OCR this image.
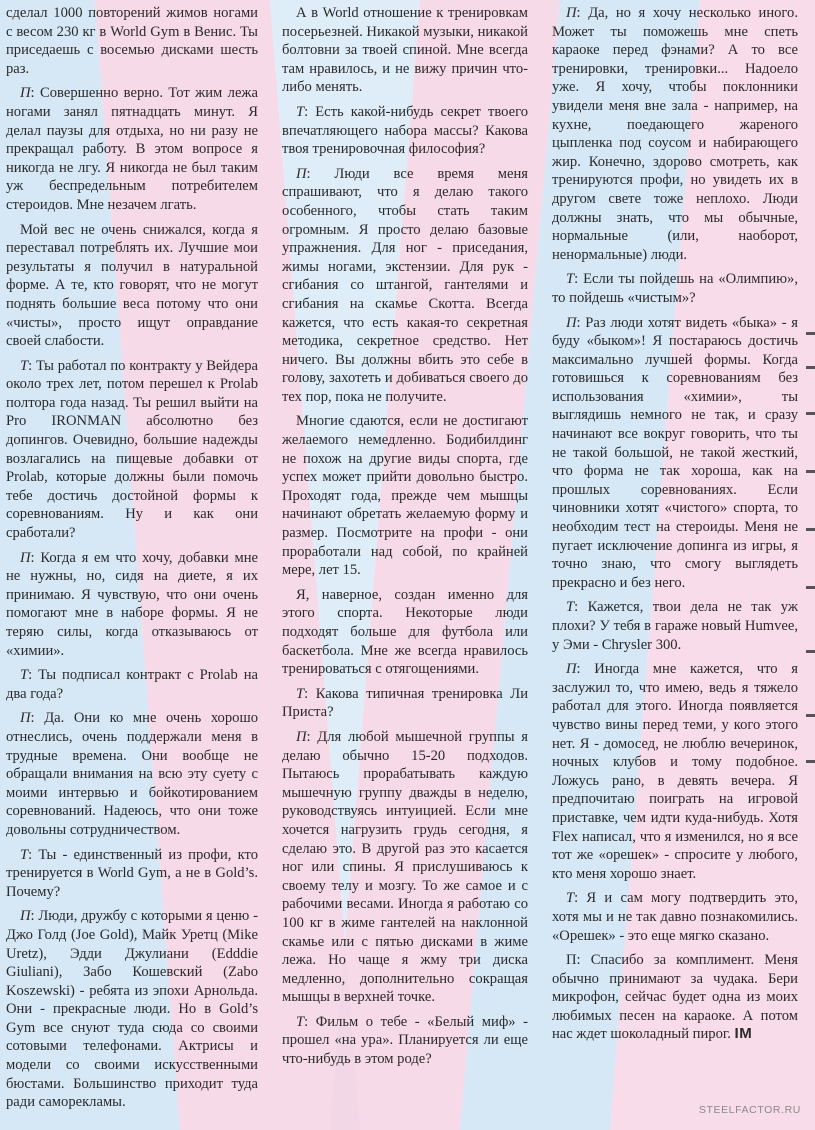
сделал 1000 повторений жимов ногами с весом 230 кг в World Gym в Венис. Ты приседаешь с восемью дисками шесть раз.

П: Совершенно верно. Тот жим лежа ногами занял пятнадцать минут. Я делал паузы для отдыха, но ни разу не прекращал работу. В этом вопросе я никогда не лгу. Я никогда не был таким уж беспредельным потребителем стероидов. Мне незачем лгать.

Мой вес не очень снижался, когда я переставал потреблять их. Лучшие мои результаты я получил в натуральной форме. А те, кто говорят, что не могут поднять большие веса потому что они «чисты», просто ищут оправдание своей слабости.

Т: Ты работал по контракту у Вейдера около трех лет, потом перешел к Prolab полтора года назад. Ты решил выйти на Pro IRONMAN абсолютно без допингов. Очевидно, большие надежды возлагались на пищевые добавки от Prolab, которые должны были помочь тебе достичь достойной формы к соревнованиям. Ну и как они сработали?

П: Когда я ем что хочу, добавки мне не нужны, но, сидя на диете, я их принимаю. Я чувствую, что они очень помогают мне в наборе формы. Я не теряю силы, когда отказываюсь от «химии».

Т: Ты подписал контракт с Prolab на два года?

П: Да. Они ко мне очень хорошо отнеслись, очень поддержали меня в трудные времена. Они вообще не обращали внимания на всю эту суету с моими интервью и бойкотированием соревнований. Надеюсь, что они тоже довольны сотрудничеством.

Т: Ты - единственный из профи, кто тренируется в World Gym, а не в Gold’s. Почему?

П: Люди, дружбу с которыми я ценю - Джо Голд (Joe Gold), Майк Уретц (Mike Uretz), Эдди Джулиани (Edddie Giuliani), Забо Кошевский (Zabo Koszewski) - ребята из эпохи Арнольда. Они - прекрасные люди. Но в Gold’s Gym все снуют туда сюда со своими сотовыми телефонами. Актрисы и модели со своими искусственными бюстами. Большинство приходит туда ради саморекламы.

А в World отношение к тренировкам посерьезней. Никакой музыки, никакой болтовни за твоей спиной. Мне всегда там нравилось, и не вижу причин что-либо менять.

Т: Есть какой-нибудь секрет твоего впечатляющего набора массы? Какова твоя тренировочная философия?

П: Люди все время меня спрашивают, что я делаю такого особенного, чтобы стать таким огромным. Я просто делаю базовые упражнения. Для ног - приседания, жимы ногами, экстензии. Для рук - сгибания со штангой, гантелями и сгибания на скамье Скотта. Всегда кажется, что есть какая-то секретная методика, секретное средство. Нет ничего. Вы должны вбить это себе в голову, захотеть и добиваться своего до тех пор, пока не получите.

Многие сдаются, если не достигают желаемого немедленно. Бодибилдинг не похож на другие виды спорта, где успех может прийти довольно быстро. Проходят года, прежде чем мышцы начинают обретать желаемую форму и размер. Посмотрите на профи - они проработали над собой, по крайней мере, лет 15.

Я, наверное, создан именно для этого спорта. Некоторые люди подходят больше для футбола или баскетбола. Мне же всегда нравилось тренироваться с отягощениями.

Т: Какова типичная тренировка Ли Приста?

П: Для любой мышечной группы я делаю обычно 15-20 подходов. Пытаюсь прорабатывать каждую мышечную группу дважды в неделю, руководствуясь интуицией. Если мне хочется нагрузить грудь сегодня, я сделаю это. В другой раз это касается ног или спины. Я прислушиваюсь к своему телу и мозгу. То же самое и с рабочими весами. Иногда я работаю со 100 кг в жиме гантелей на наклонной скамье или с пятью дисками в жиме лежа. Но чаще я жму три диска медленно, дополнительно сокращая мышцы в верхней точке.

Т: Фильм о тебе - «Белый миф» - прошел «на ура». Планируется ли еще что-нибудь в этом роде?

П: Да, но я хочу несколько иного. Может ты поможешь мне спеть караоке перед фэнами? А то все тренировки, тренировки... Надоело уже. Я хочу, чтобы поклонники увидели меня вне зала - например, на кухне, поедающего жареного цыпленка под соусом и набирающего жир. Конечно, здорово смотреть, как тренируются профи, но увидеть их в другом свете тоже неплохо. Люди должны знать, что мы обычные, нормальные (или, наоборот, ненормальные) люди.

Т: Если ты пойдешь на «Олимпию», то пойдешь «чистым»?

П: Раз люди хотят видеть «быка» - я буду «быком»! Я постараюсь достичь максимально лучшей формы. Когда готовишься к соревнованиям без использования «химии», ты выглядишь немного не так, и сразу начинают все вокруг говорить, что ты не такой большой, не такой жесткий, что форма не так хороша, как на прошлых соревнованиях. Если чиновники хотят «чистого» спорта, то необходим тест на стероиды. Меня не пугает исключение допинга из игры, я точно знаю, что смогу выглядеть прекрасно и без него.

Т: Кажется, твои дела не так уж плохи? У тебя в гараже новый Humvee, у Эми - Chrysler 300.

П: Иногда мне кажется, что я заслужил то, что имею, ведь я тяжело работал для этого. Иногда появляется чувство вины перед теми, у кого этого нет. Я - домосед, не люблю вечеринок, ночных клубов и тому подобное. Ложусь рано, в девять вечера. Я предпочитаю поиграть на игровой приставке, чем идти куда-нибудь. Хотя Flex написал, что я изменился, но я все тот же «орешек» - спросите у любого, кто меня хорошо знает.

Т: Я и сам могу подтвердить это, хотя мы и не так давно познакомились. «Орешек» - это еще мягко сказано.

П: Спасибо за комплимент. Меня обычно принимают за чудака. Бери микрофон, сейчас будет одна из моих любимых песен на караоке. А потом нас ждет шоколадный пирог. IM

STEELFACTOR.RU
